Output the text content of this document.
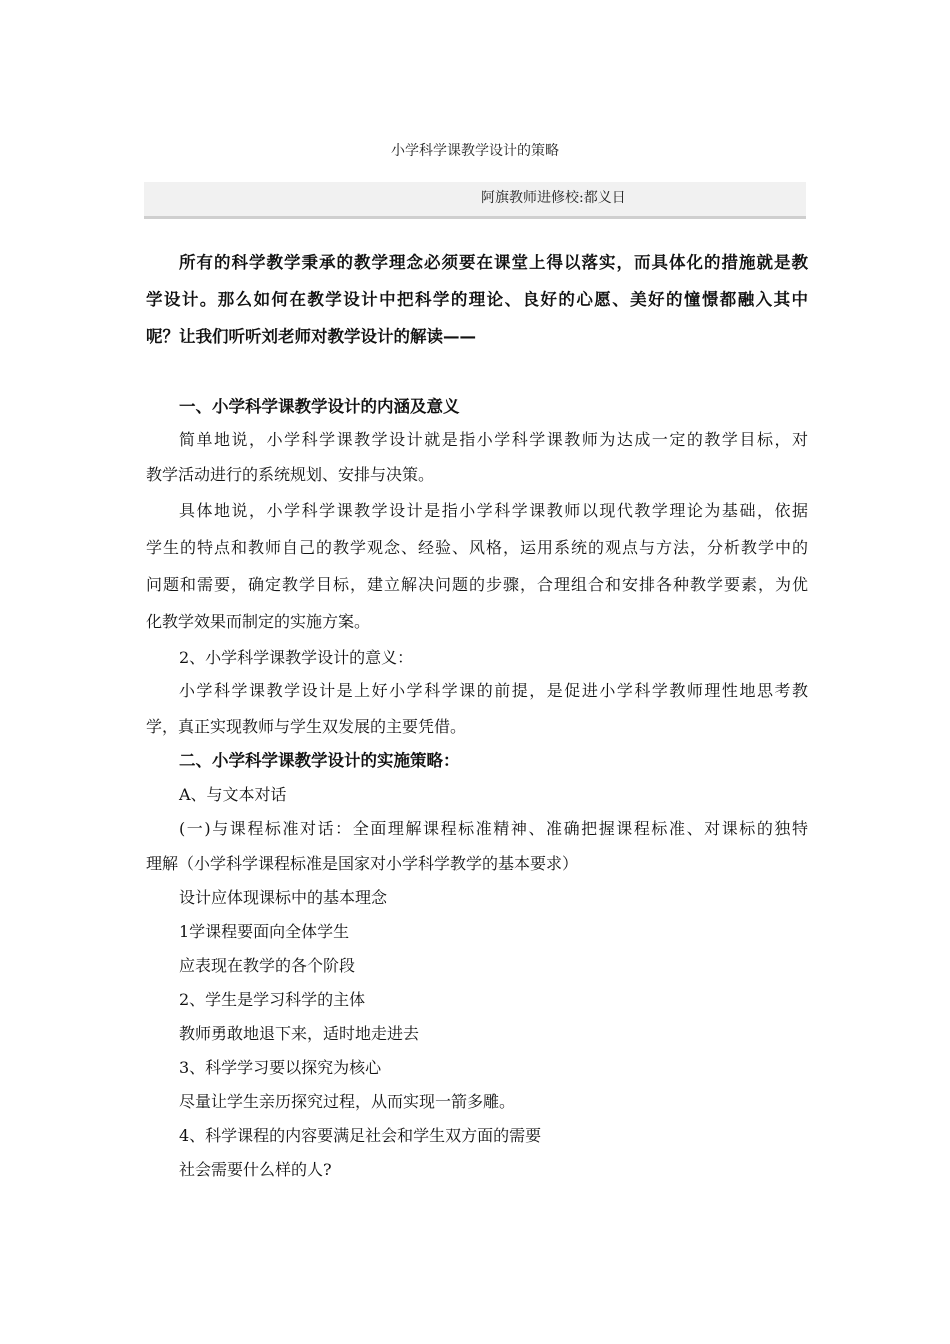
小学科学课教学设计的策略
阿旗教师进修校:都义日
所有的科学教学秉承的教学理念必须要在课堂上得以落实，而具体化的措施就是教
学设计。那么如何在教学设计中把科学的理论、良好的心愿、美好的憧憬都融入其中
呢？让我们听听刘老师对教学设计的解读——
一、小学科学课教学设计的内涵及意义
简单地说，小学科学课教学设计就是指小学科学课教师为达成一定的教学目标，对
教学活动进行的系统规划、安排与决策。
具体地说，小学科学课教学设计是指小学科学课教师以现代教学理论为基础，依据
学生的特点和教师自己的教学观念、经验、风格，运用系统的观点与方法，分析教学中的
问题和需要，确定教学目标，建立解决问题的步骤，合理组合和安排各种教学要素，为优
化教学效果而制定的实施方案。
2、小学科学课教学设计的意义：
小学科学课教学设计是上好小学科学课的前提，是促进小学科学教师理性地思考教
学，真正实现教师与学生双发展的主要凭借。
二、小学科学课教学设计的实施策略：
A、与文本对话
(一)与课程标准对话：全面理解课程标准精神、准确把握课程标准、对课标的独特
理解（小学科学课程标准是国家对小学科学教学的基本要求）
设计应体现课标中的基本理念
1学课程要面向全体学生
应表现在教学的各个阶段
2、学生是学习科学的主体
教师勇敢地退下来，适时地走进去
3、科学学习要以探究为核心
尽量让学生亲历探究过程，从而实现一箭多雕。
4、科学课程的内容要满足社会和学生双方面的需要
社会需要什么样的人?
